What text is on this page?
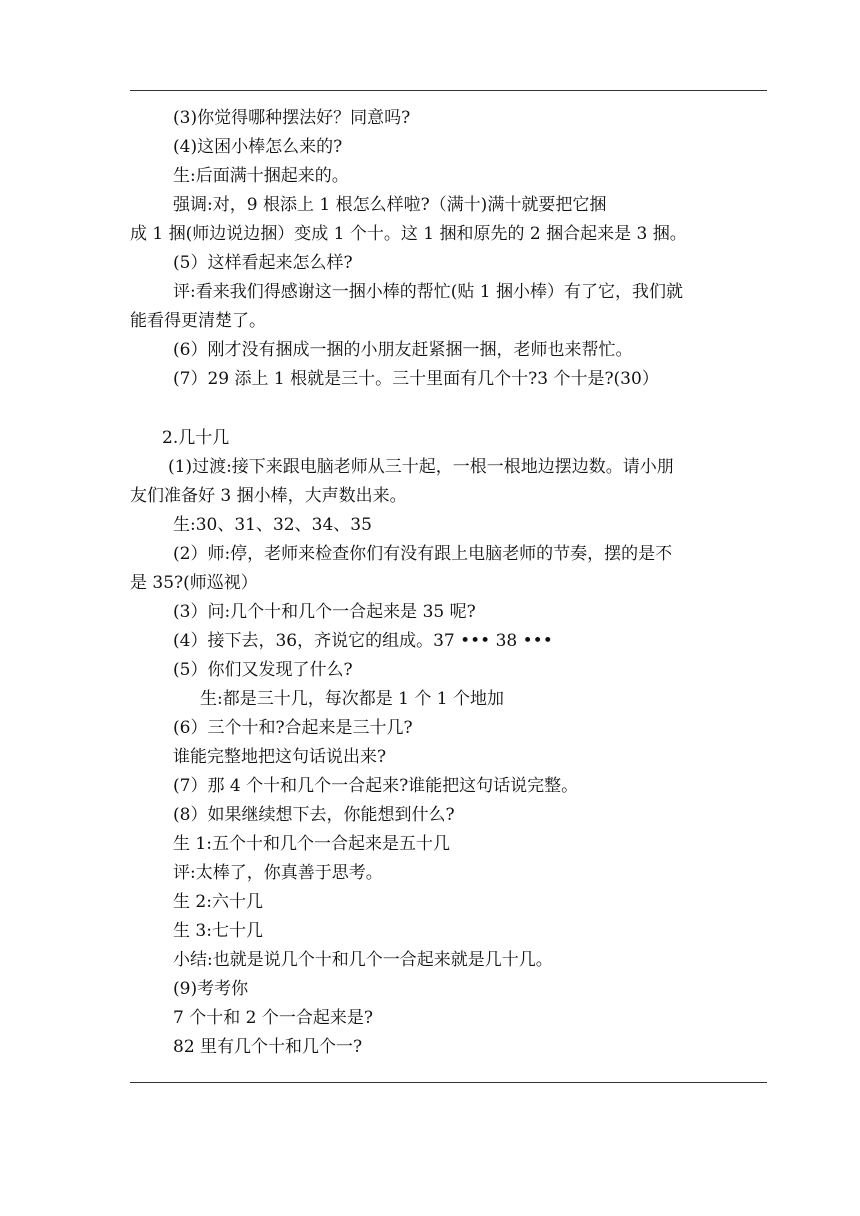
(3)你觉得哪种摆法好？同意吗?
(4)这困小棒怎么来的?
生:后面满十捆起来的。
强调:对，9 根添上 1 根怎么样啦?（满十)满十就要把它捆
成 1 捆(师边说边捆）变成 1 个十。这 1 捆和原先的 2 捆合起来是 3 捆。
(5）这样看起来怎么样?
评:看来我们得感谢这一捆小棒的帮忙(贴 1 捆小棒）有了它，我们就
能看得更清楚了。
(6）刚才没有捆成一捆的小朋友赶紧捆一捆，老师也来帮忙。
(7）29 添上 1 根就是三十。三十里面有几个十?3 个十是?(30）
2.几十几
(1)过渡:接下来跟电脑老师从三十起，一根一根地边摆边数。请小朋
友们准备好 3 捆小棒，大声数出来。
生:30、31、32、34、35
(2）师:停，老师来检查你们有没有跟上电脑老师的节奏，摆的是不
是 35?(师巡视）
(3）问:几个十和几个一合起来是 35 呢?
(4）接下去，36，齐说它的组成。37 ••• 38 •••
(5）你们又发现了什么?
生:都是三十几，每次都是 1 个 1 个地加
(6）三个十和?合起来是三十几?
谁能完整地把这句话说出来?
(7）那 4 个十和几个一合起来?谁能把这句话说完整。
(8）如果继续想下去，你能想到什么?
生 1:五个十和几个一合起来是五十几
评:太棒了，你真善于思考。
生 2:六十几
生 3:七十几
小结:也就是说几个十和几个一合起来就是几十几。
(9)考考你
7 个十和 2 个一合起来是?
82 里有几个十和几个一?
